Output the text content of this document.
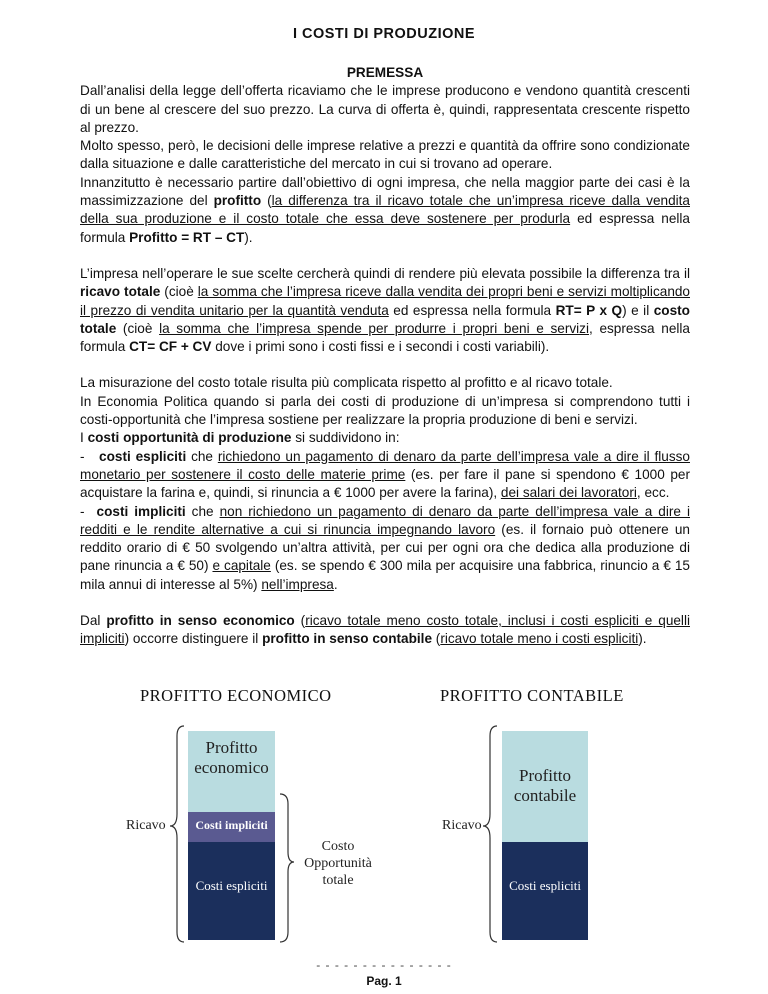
I COSTI DI PRODUZIONE

PREMESSA

Dall’analisi della legge dell’offerta ricaviamo che le imprese producono e vendono quantità crescenti di un bene al crescere del suo prezzo. La curva di offerta è, quindi, rappresentata crescente rispetto al prezzo.

Molto spesso, però, le decisioni delle imprese relative a prezzi e quantità da offrire sono condizionate dalla situazione e dalle caratteristiche del mercato in cui si trovano ad operare.

Innanzitutto è necessario partire dall’obiettivo di ogni impresa, che nella maggior parte dei casi è la massimizzazione del profitto (la differenza tra il ricavo totale che un’impresa riceve dalla vendita della sua produzione e il costo totale che essa deve sostenere per produrla ed espressa nella formula Profitto = RT – CT).

L’impresa nell’operare le sue scelte cercherà quindi di rendere più elevata possibile la differenza tra il ricavo totale (cioè la somma che l’impresa riceve dalla vendita dei propri beni e servizi moltiplicando il prezzo di vendita unitario per la quantità venduta ed espressa nella formula RT= P x Q) e il costo totale (cioè la somma che l’impresa spende per produrre i propri beni e servizi, espressa nella formula CT= CF + CV dove i primi sono i costi fissi e i secondi i costi variabili).

La misurazione del costo totale risulta più complicata rispetto al profitto e al ricavo totale.

In Economia Politica quando si parla dei costi di produzione di un’impresa si comprendono tutti i costi-opportunità che l’impresa sostiene per realizzare la propria produzione di beni e servizi.

I costi opportunità di produzione si suddividono in:

-   costi espliciti che richiedono un pagamento di denaro da parte dell’impresa vale a dire il flusso monetario per sostenere il costo delle materie prime (es. per fare il pane si spendono € 1000 per acquistare la farina e, quindi, si rinuncia a € 1000 per avere la farina), dei salari dei lavoratori, ecc.

-  costi impliciti che non richiedono un pagamento di denaro da parte dell’impresa vale a dire i redditi e le rendite alternative a cui si rinuncia impegnando lavoro (es. il fornaio può ottenere un reddito orario di € 50 svolgendo un’altra attività, per cui per ogni ora che dedica alla produzione di pane rinuncia a € 50) e capitale (es. se spendo € 300 mila per acquisire una fabbrica, rinuncio a € 15 mila annui di interesse al 5%) nell’impresa.

Dal profitto in senso economico (ricavo totale meno costo totale, inclusi i costi espliciti e quelli impliciti) occorre distinguere il profitto in senso contabile (ricavo totale meno i costi espliciti).

PROFITTO ECONOMICO	PROFITTO CONTABILE
Profitto economico
Costi impliciti
Costi espliciti
Ricavo
Costo Opportunità totale
Profitto contabile
Costi espliciti
Ricavo
- - - - - - - - - - - - - - -
Pag. 1
